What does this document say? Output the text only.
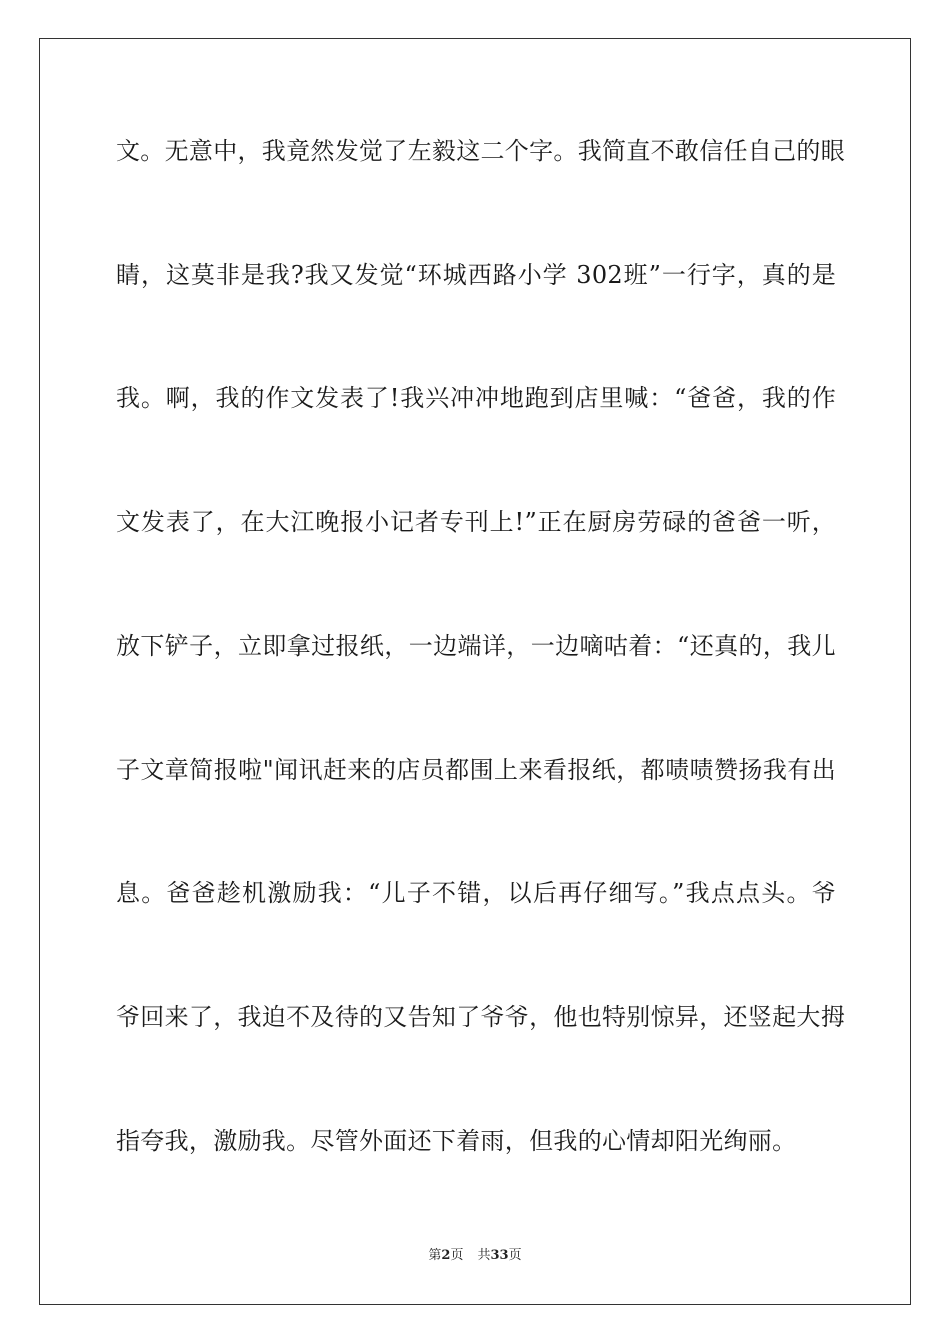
文。无意中，我竟然发觉了左毅这二个字。我简直不敢信任自己的眼
睛，这莫非是我?我又发觉“环城西路小学 302班”一行字，真的是
我。啊，我的作文发表了!我兴冲冲地跑到店里喊：“爸爸，我的作
文发表了，在大江晚报小记者专刊上!”正在厨房劳碌的爸爸一听，
放下铲子，立即拿过报纸，一边端详，一边嘀咕着：“还真的，我儿
子文章简报啦"闻讯赶来的店员都围上来看报纸，都啧啧赞扬我有出
息。爸爸趁机激励我：“儿子不错，以后再仔细写。”我点点头。爷
爷回来了，我迫不及待的又告知了爷爷，他也特别惊异，还竖起大拇
指夸我，激励我。尽管外面还下着雨，但我的心情却阳光绚丽。
第2页 共33页
